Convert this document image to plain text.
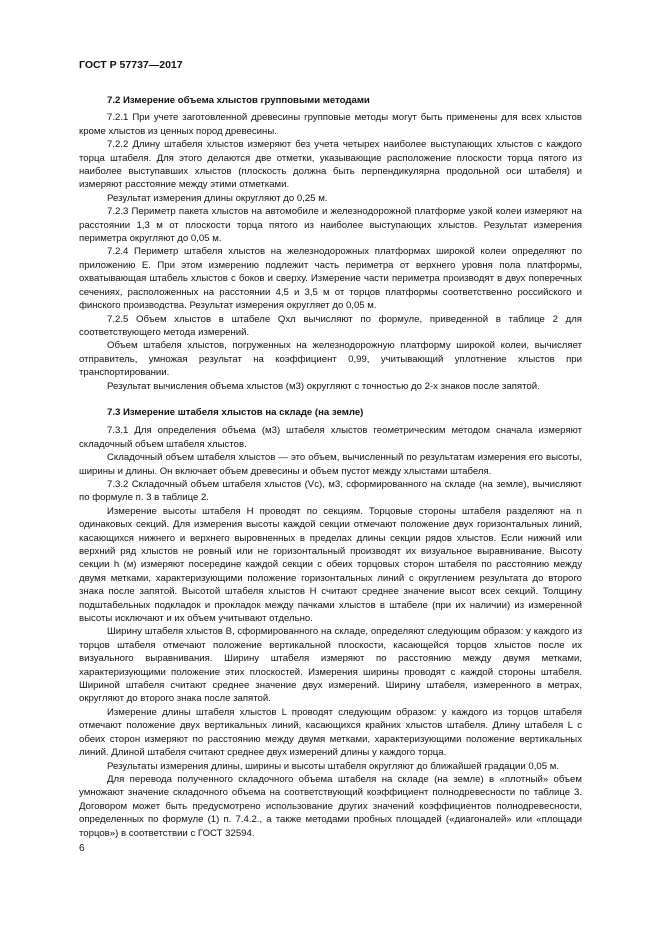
ГОСТ Р 57737—2017
7.2 Измерение объема хлыстов групповыми методами

7.2.1 При учете заготовленной древесины групповые методы могут быть применены для всех хлыстов кроме хлыстов из ценных пород древесины.

7.2.2 Длину штабеля хлыстов измеряют без учета четырех наиболее выступающих хлыстов с каждого торца штабеля. Для этого делаются две отметки, указывающие расположение плоскости торца пятого из наиболее выступавших хлыстов (плоскость должна быть перпендикулярна продольной оси штабеля) и измеряют расстояние между этими отметками.

Результат измерения длины округляют до 0,25 м.

7.2.3 Периметр пакета хлыстов на автомобиле и железнодорожной платформе узкой колеи измеряют на расстоянии 1,3 м от плоскости торца пятого из наиболее выступающих хлыстов. Результат измерения периметра округляют до 0,05 м.

7.2.4 Периметр штабеля хлыстов на железнодорожных платформах широкой колеи определяют по приложению Е. При этом измерению подлежит часть периметра от верхнего уровня пола платформы, охватывающая штабель хлыстов с боков и сверху. Измерение части периметра производят в двух поперечных сечениях, расположенных на расстоянии 4,5 и 3,5 м от торцов платформы соответственно российского и финского производства. Результат измерения округляет до 0,05 м.

7.2.5 Объем хлыстов в штабеле Qхл вычисляют по формуле, приведенной в таблице 2 для соответствующего метода измерений.

Объем штабеля хлыстов, погруженных на железнодорожную платформу широкой колеи, вычисляет отправитель, умножая результат на коэффициент 0,99, учитывающий уплотнение хлыстов при транспортировании.

Результат вычисления объема хлыстов (м3) округляют с точностью до 2-х знаков после запятой.

7.3 Измерение штабеля хлыстов на складе (на земле)

7.3.1 Для определения объема (м3) штабеля хлыстов геометрическим методом сначала измеряют складочный объем штабеля хлыстов.

Складочный объем штабеля хлыстов — это объем, вычисленный по результатам измерения его высоты, ширины и длины. Он включает объем древесины и объем пустот между хлыстами штабеля.

7.3.2 Складочный объем штабеля хлыстов (Vс), м3, сформированного на складе (на земле), вычисляют по формуле п. 3 в таблице 2.

Измерение высоты штабеля Н проводят по секциям. Торцовые стороны штабеля разделяют на n одинаковых секций. Для измерения высоты каждой секции отмечают положение двух горизонтальных линий, касающихся нижнего и верхнего выровненных в пределах длины секции рядов хлыстов. Если нижний или верхний ряд хлыстов не ровный или не горизонтальный производят их визуальное выравнивание. Высоту секции h (м) измеряют посередине каждой секции с обеих торцовых сторон штабеля по расстоянию между двумя метками, характеризующими положение горизонтальных линий с округлением результата до второго знака после запятой. Высотой штабеля хлыстов Н считают среднее значение высот всех секций. Толщину подштабельных подкладок и прокладок между пачками хлыстов в штабеле (при их наличии) из измеренной высоты исключают и их объем учитывают отдельно.

Ширину штабеля хлыстов В, сформированного на складе, определяют следующим образом: у каждого из торцов штабеля отмечают положение вертикальной плоскости, касающейся торцов хлыстов после их визуального выравнивания. Ширину штабеля измеряют по расстоянию между двумя метками, характеризующими положение этих плоскостей. Измерения ширины проводят с каждой стороны штабеля. Шириной штабеля считают среднее значение двух измерений. Ширину штабеля, измеренного в метрах, округляют до второго знака после запятой.

Измерение длины штабеля хлыстов L проводят следующим образом: у каждого из торцов штабеля отмечают положение двух вертикальных линий, касающихся крайних хлыстов штабеля. Длину штабеля L с обеих сторон измеряют по расстоянию между двумя метками, характеризующими положение вертикальных линий. Длиной штабеля считают среднее двух измерений длины у каждого торца.

Результаты измерения длины, ширины и высоты штабеля округляют до ближайшей градации 0,05 м.

Для перевода полученного складочного объема штабеля на складе (на земле) в «плотный» объем умножают значение складочного объема на соответствующий коэффициент полнодревесности по таблице 3. Договором может быть предусмотрено использование других значений коэффициентов полнодревесности, определенных по формуле (1) п. 7.4.2., а также методами пробных площадей («диагоналей» или «площади торцов») в соответствии с ГОСТ 32594.

6
